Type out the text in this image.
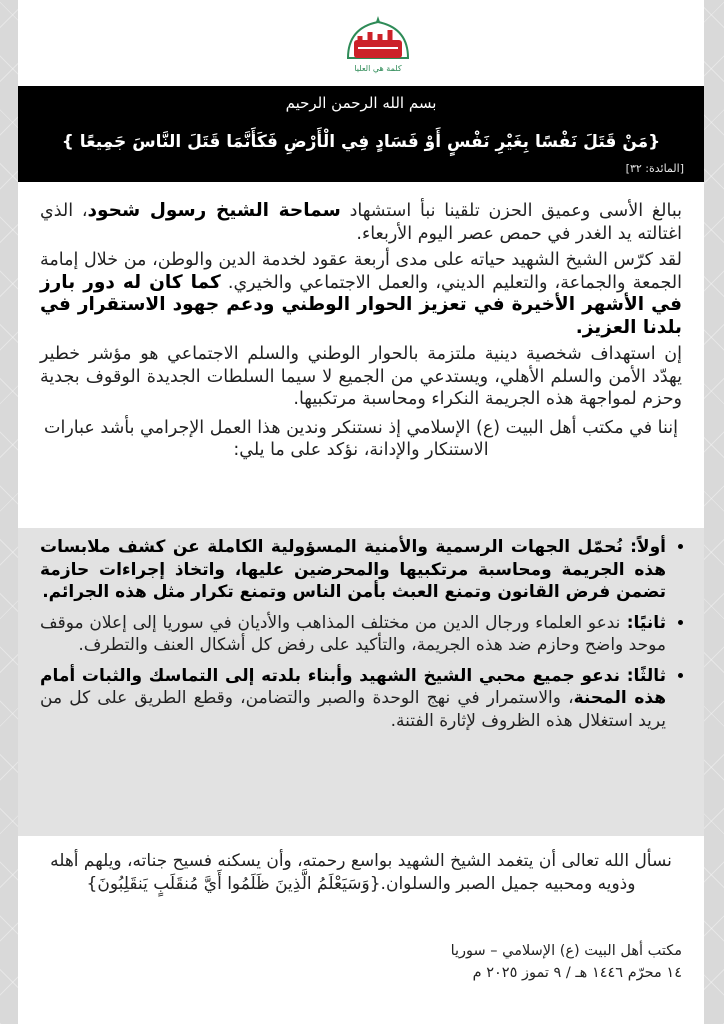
كلمة هي العليا
بسم الله الرحمن الرحيم
{مَنْ قَتَلَ نَفْسًا بِغَيْرِ نَفْسٍ أَوْ فَسَادٍ فِي الْأَرْضِ فَكَأَنَّمَا قَتَلَ النَّاسَ جَمِيعًا }
[المائدة: ٣٢]

ببالغ الأسى وعميق الحزن تلقينا نبأ استشهاد سماحة الشيخ رسول شحود، الذي اغتالته يد الغدر في حمص عصر اليوم الأربعاء.

لقد كرّس الشيخ الشهيد حياته على مدى أربعة عقود لخدمة الدين والوطن، من خلال إمامة الجمعة والجماعة، والتعليم الديني، والعمل الاجتماعي والخيري. كما كان له دور بارز في الأشهر الأخيرة في تعزيز الحوار الوطني ودعم جهود الاستقرار في بلدنا العزيز.

إن استهداف شخصية دينية ملتزمة بالحوار الوطني والسلم الاجتماعي هو مؤشر خطير يهدّد الأمن والسلم الأهلي، ويستدعي من الجميع لا سيما السلطات الجديدة الوقوف بجدية وحزم لمواجهة هذه الجريمة النكراء ومحاسبة مرتكبيها.

إننا في مكتب أهل البيت (ع) الإسلامي إذ نستنكر وندين هذا العمل الإجرامي بأشد عبارات الاستنكار والإدانة، نؤكد على ما يلي:

• أولاً: نُحمّل الجهات الرسمية والأمنية المسؤولية الكاملة عن كشف ملابسات هذه الجريمة ومحاسبة مرتكبيها والمحرضين عليها، واتخاذ إجراءات حازمة تضمن فرض القانون وتمنع العبث بأمن الناس وتمنع تكرار مثل هذه الجرائم.
• ثانيًا: ندعو العلماء ورجال الدين من مختلف المذاهب والأديان في سوريا إلى إعلان موقف موحد واضح وحازم ضد هذه الجريمة، والتأكيد على رفض كل أشكال العنف والتطرف.
• ثالثًا: ندعو جميع محبي الشيخ الشهيد وأبناء بلدته إلى التماسك والثبات أمام هذه المحنة، والاستمرار في نهج الوحدة والصبر والتضامن، وقطع الطريق على كل من يريد استغلال هذه الظروف لإثارة الفتنة.
نسأل الله تعالى أن يتغمد الشيخ الشهيد بواسع رحمته، وأن يسكنه فسيح جناته، ويلهم أهله وذويه ومحبيه جميل الصبر والسلوان.{وَسَيَعْلَمُ الَّذِينَ ظَلَمُوا أَيَّ مُنقَلَبٍ يَنقَلِبُونَ}
مكتب أهل البيت (ع) الإسلامي – سوريا
١٤ محرّم ١٤٤٦ هـ / ٩ تموز ٢٠٢٥ م
